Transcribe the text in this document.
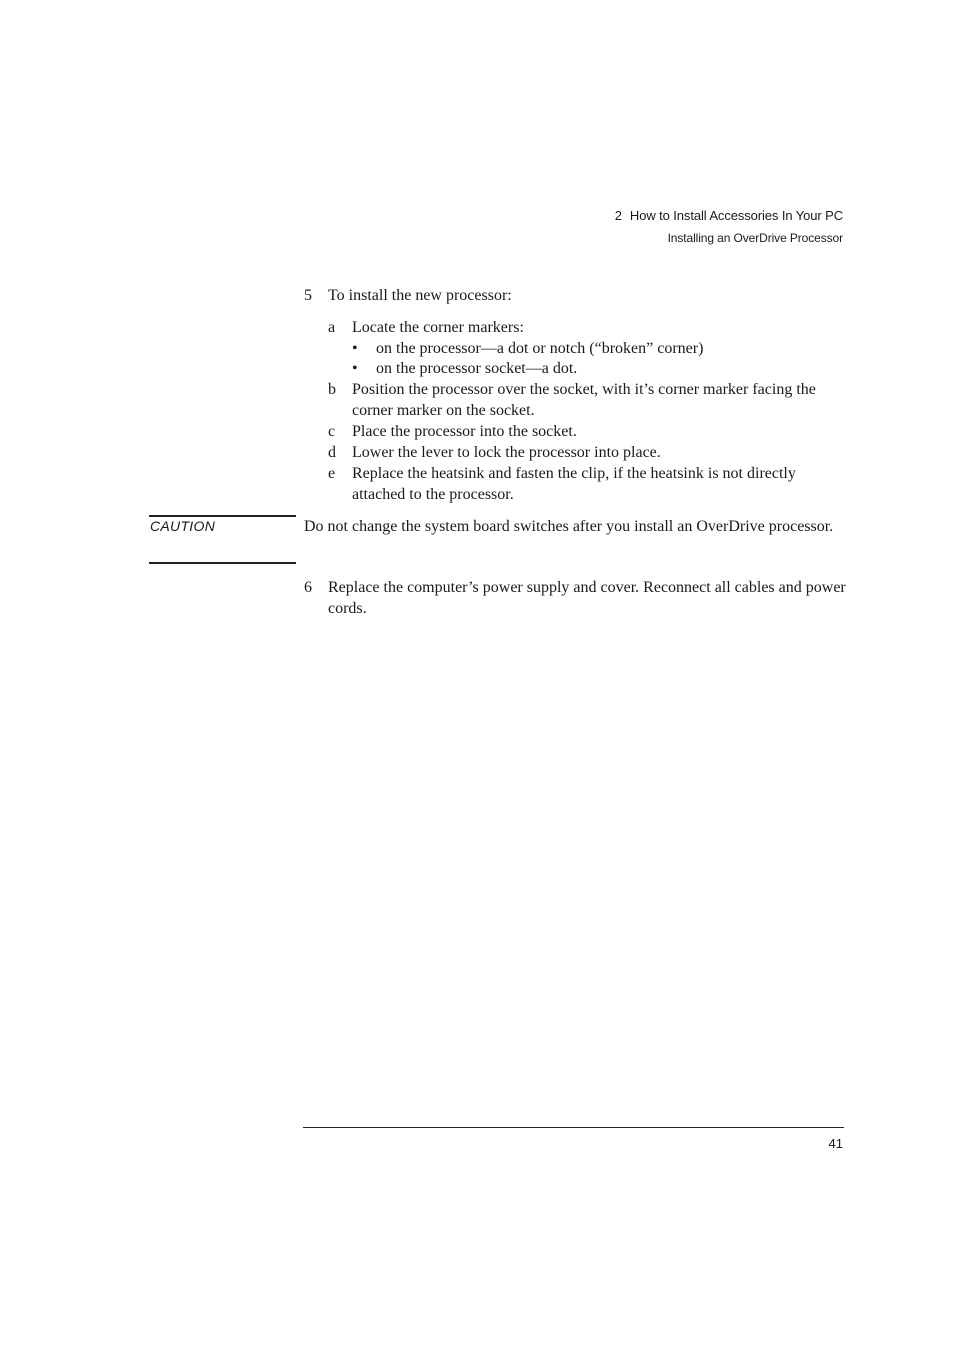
2 How to Install Accessories In Your PC
Installing an OverDrive Processor
5 To install the new processor:
a Locate the corner markers:
• on the processor—a dot or notch (“broken” corner)
• on the processor socket—a dot.
b Position the processor over the socket, with it’s corner marker facing the corner marker on the socket.
c Place the processor into the socket.
d Lower the lever to lock the processor into place.
e Replace the heatsink and fasten the clip, if the heatsink is not directly attached to the processor.
CAUTION	Do not change the system board switches after you install an OverDrive processor.
6 Replace the computer’s power supply and cover. Reconnect all cables and power cords.
41
